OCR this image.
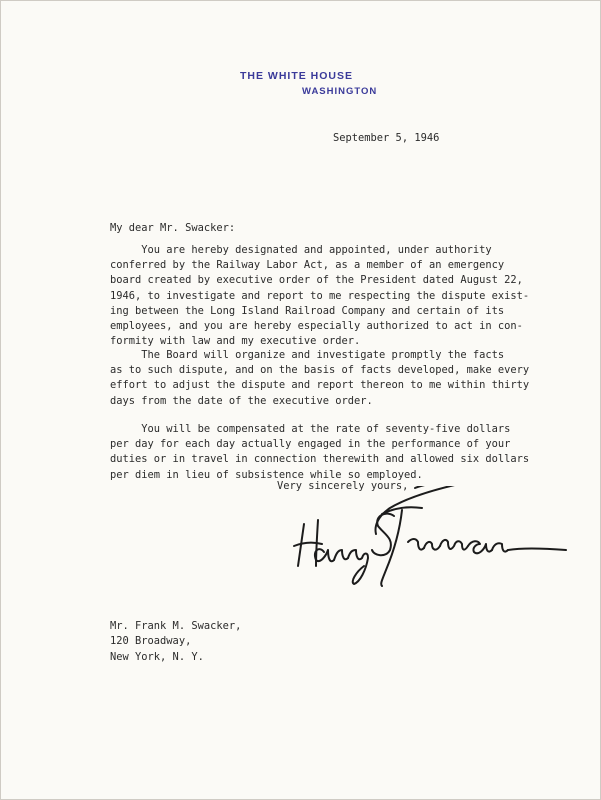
THE WHITE HOUSE
WASHINGTON
September 5, 1946
My dear Mr. Swacker:
You are hereby designated and appointed, under authority
conferred by the Railway Labor Act, as a member of an emergency
board created by executive order of the President dated August 22,
1946, to investigate and report to me respecting the dispute exist-
ing between the Long Island Railroad Company and certain of its
employees, and you are hereby especially authorized to act in con-
formity with law and my executive order.
The Board will organize and investigate promptly the facts
as to such dispute, and on the basis of facts developed, make every
effort to adjust the dispute and report thereon to me within thirty
days from the date of the executive order.
You will be compensated at the rate of seventy-five dollars
per day for each day actually engaged in the performance of your
duties or in travel in connection therewith and allowed six dollars
per diem in lieu of subsistence while so employed.
Very sincerely yours,
Mr. Frank M. Swacker,
120 Broadway,
New York, N. Y.
